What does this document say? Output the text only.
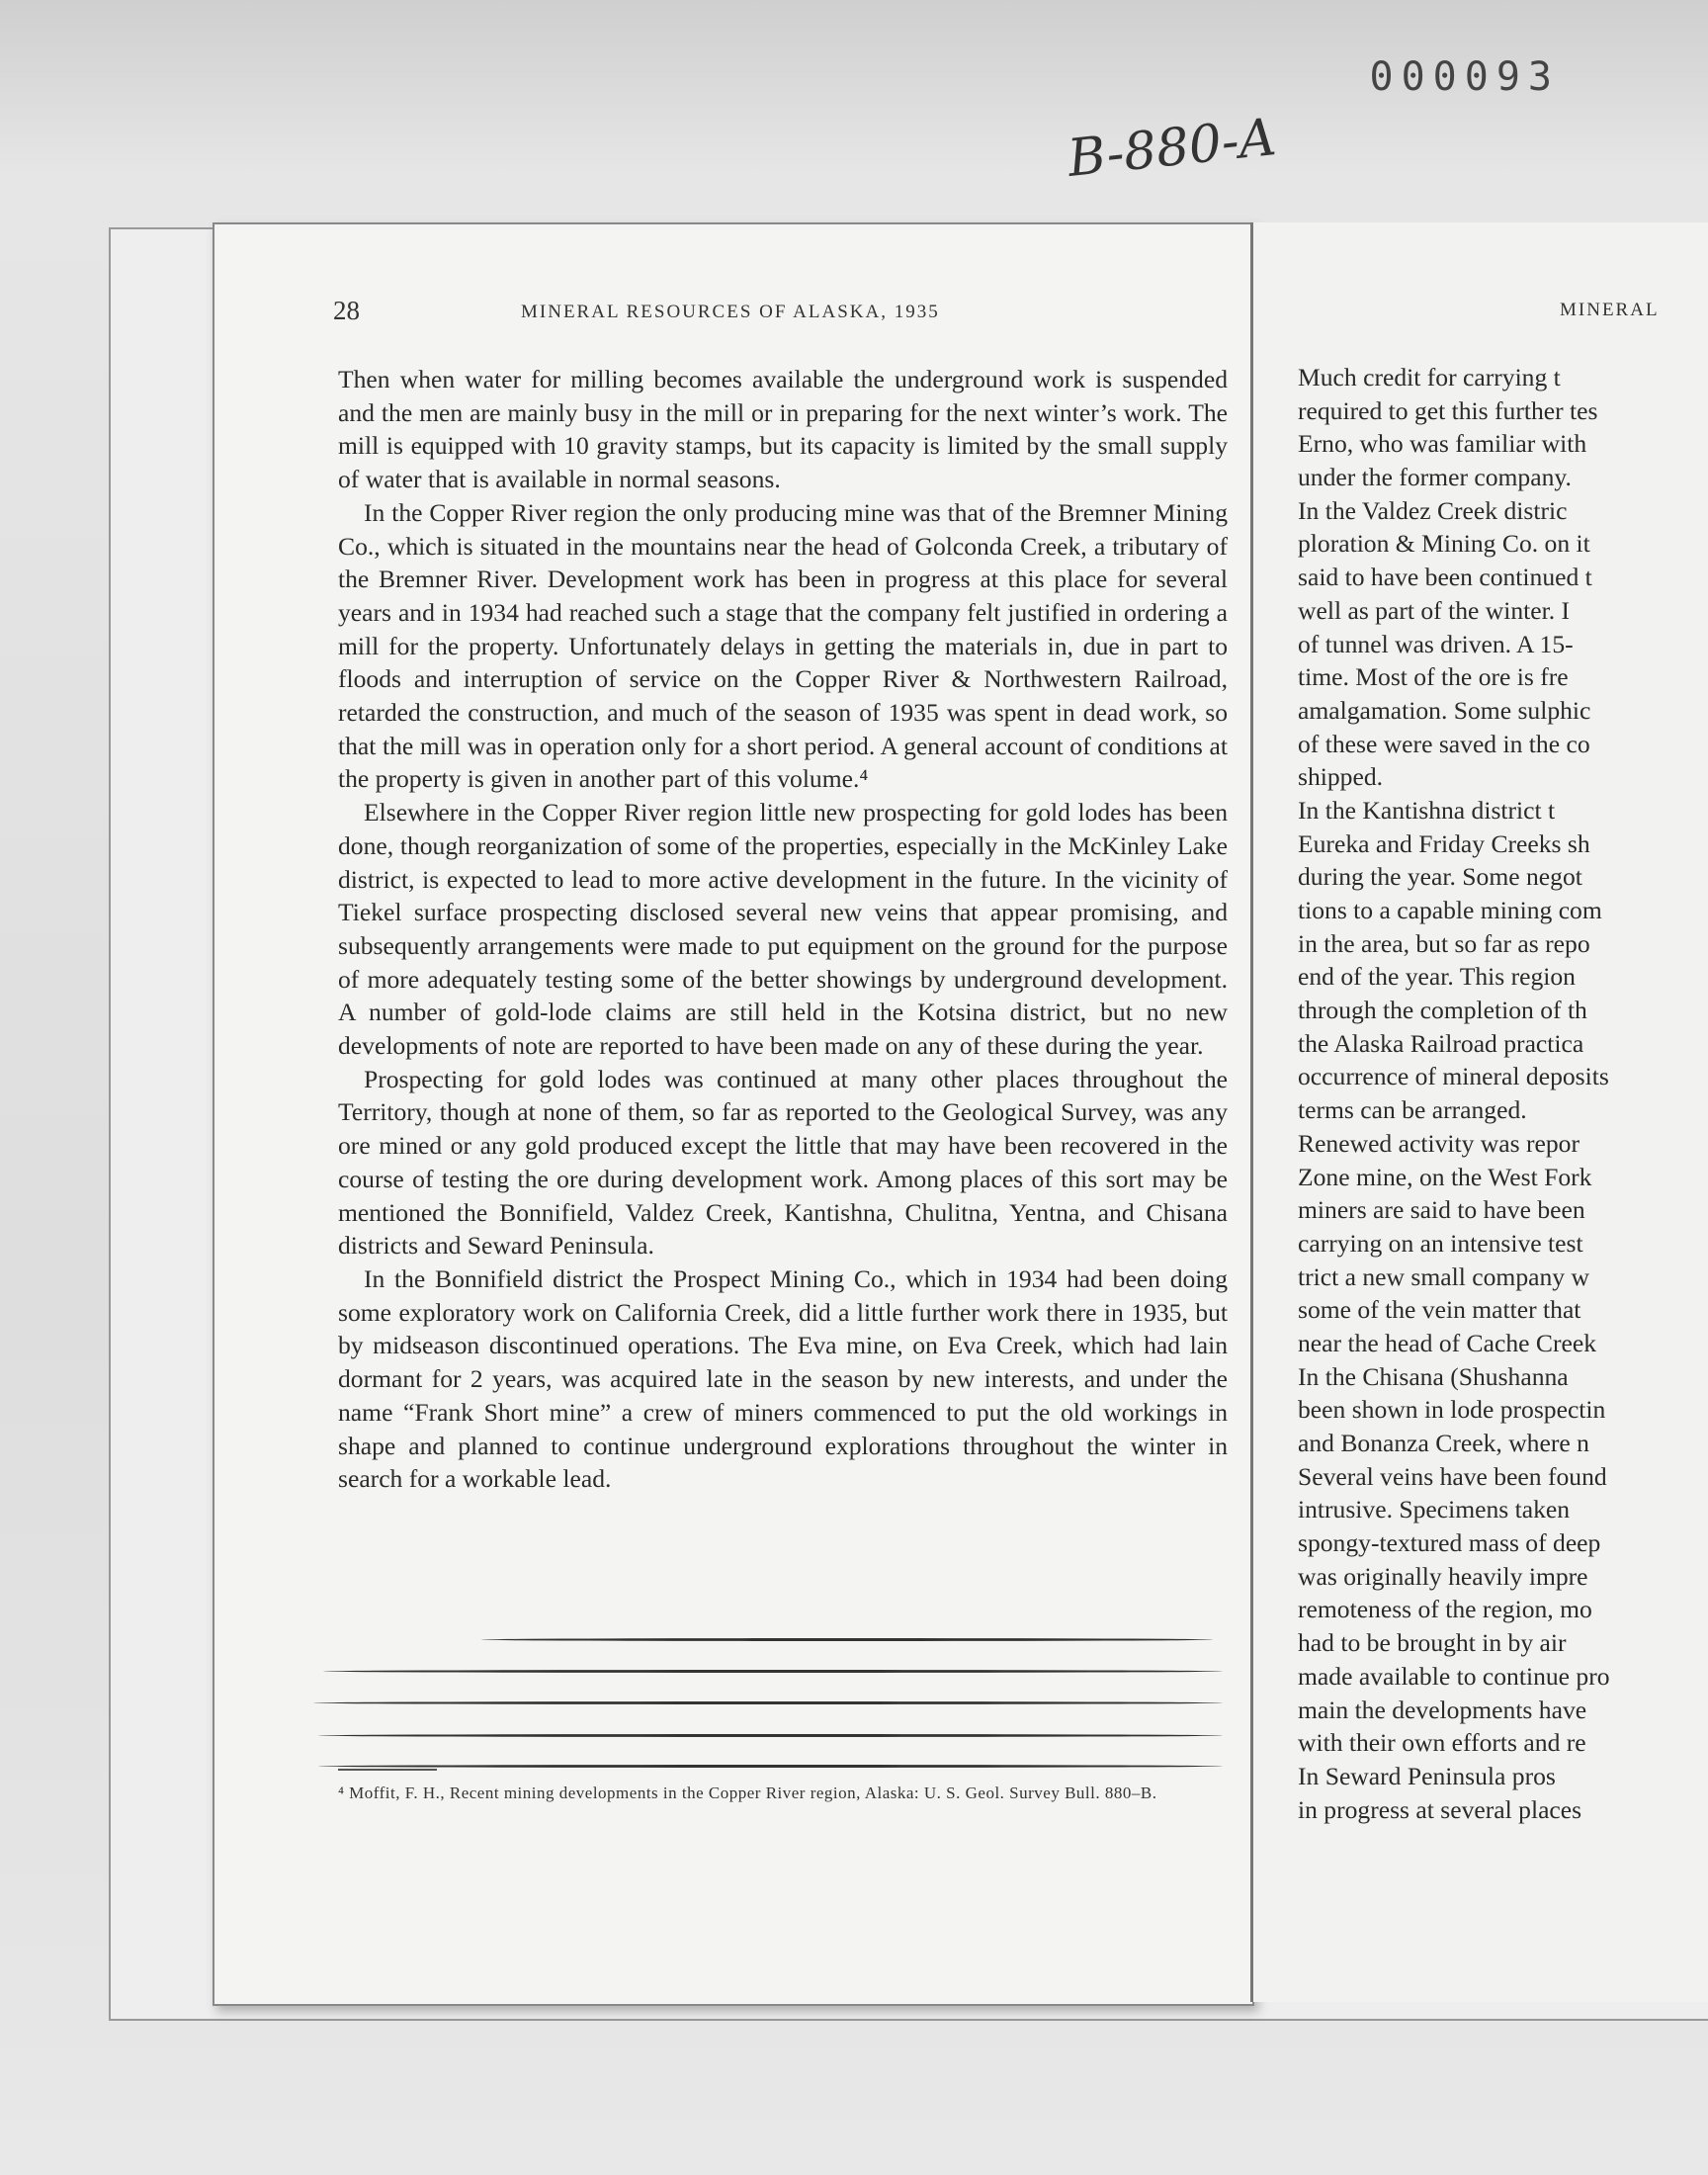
000093
B-880-A
28	MINERAL RESOURCES OF ALASKA, 1935

Then when water for milling becomes available the underground work is suspended and the men are mainly busy in the mill or in preparing for the next winter’s work. The mill is equipped with 10 gravity stamps, but its capacity is limited by the small supply of water that is available in normal seasons.

In the Copper River region the only producing mine was that of the Bremner Mining Co., which is situated in the mountains near the head of Golconda Creek, a tributary of the Bremner River. Development work has been in progress at this place for several years and in 1934 had reached such a stage that the company felt justified in ordering a mill for the property. Unfortunately delays in getting the materials in, due in part to floods and interruption of service on the Copper River & Northwestern Railroad, retarded the construction, and much of the season of 1935 was spent in dead work, so that the mill was in operation only for a short period. A general account of conditions at the property is given in another part of this volume.⁴

Elsewhere in the Copper River region little new prospecting for gold lodes has been done, though reorganization of some of the properties, especially in the McKinley Lake district, is expected to lead to more active development in the future. In the vicinity of Tiekel surface prospecting disclosed several new veins that appear promising, and subsequently arrangements were made to put equipment on the ground for the purpose of more adequately testing some of the better showings by underground development. A number of gold-lode claims are still held in the Kotsina district, but no new developments of note are reported to have been made on any of these during the year.

Prospecting for gold lodes was continued at many other places throughout the Territory, though at none of them, so far as reported to the Geological Survey, was any ore mined or any gold produced except the little that may have been recovered in the course of testing the ore during development work. Among places of this sort may be mentioned the Bonnifield, Valdez Creek, Kantishna, Chulitna, Yentna, and Chisana districts and Seward Peninsula.

In the Bonnifield district the Prospect Mining Co., which in 1934 had been doing some exploratory work on California Creek, did a little further work there in 1935, but by midseason discontinued operations. The Eva mine, on Eva Creek, which had lain dormant for 2 years, was acquired late in the season by new interests, and under the name “Frank Short mine” a crew of miners commenced to put the old workings in shape and planned to continue underground explorations throughout the winter in search for a workable lead.

⁴ Moffit, F. H., Recent mining developments in the Copper River region, Alaska: U. S. Geol. Survey Bull. 880–B.
MINERAL
Much credit for carrying t
required to get this further tes
Erno, who was familiar with
under the former company.
In the Valdez Creek distric
ploration & Mining Co. on it
said to have been continued t
well as part of the winter. I
of tunnel was driven. A 15-
time. Most of the ore is fre
amalgamation. Some sulphic
of these were saved in the co
shipped.
In the Kantishna district t
Eureka and Friday Creeks sh
during the year. Some negot
tions to a capable mining com
in the area, but so far as repo
end of the year. This region
through the completion of th
the Alaska Railroad practica
occurrence of mineral deposits
terms can be arranged.
Renewed activity was repor
Zone mine, on the West Fork
miners are said to have been
carrying on an intensive test
trict a new small company w
some of the vein matter that
near the head of Cache Creek
In the Chisana (Shushanna
been shown in lode prospectin
and Bonanza Creek, where n
Several veins have been found
intrusive. Specimens taken
spongy-textured mass of deep
was originally heavily impre
remoteness of the region, mo
had to be brought in by air
made available to continue pro
main the developments have
with their own efforts and re
In Seward Peninsula pros
in progress at several places
